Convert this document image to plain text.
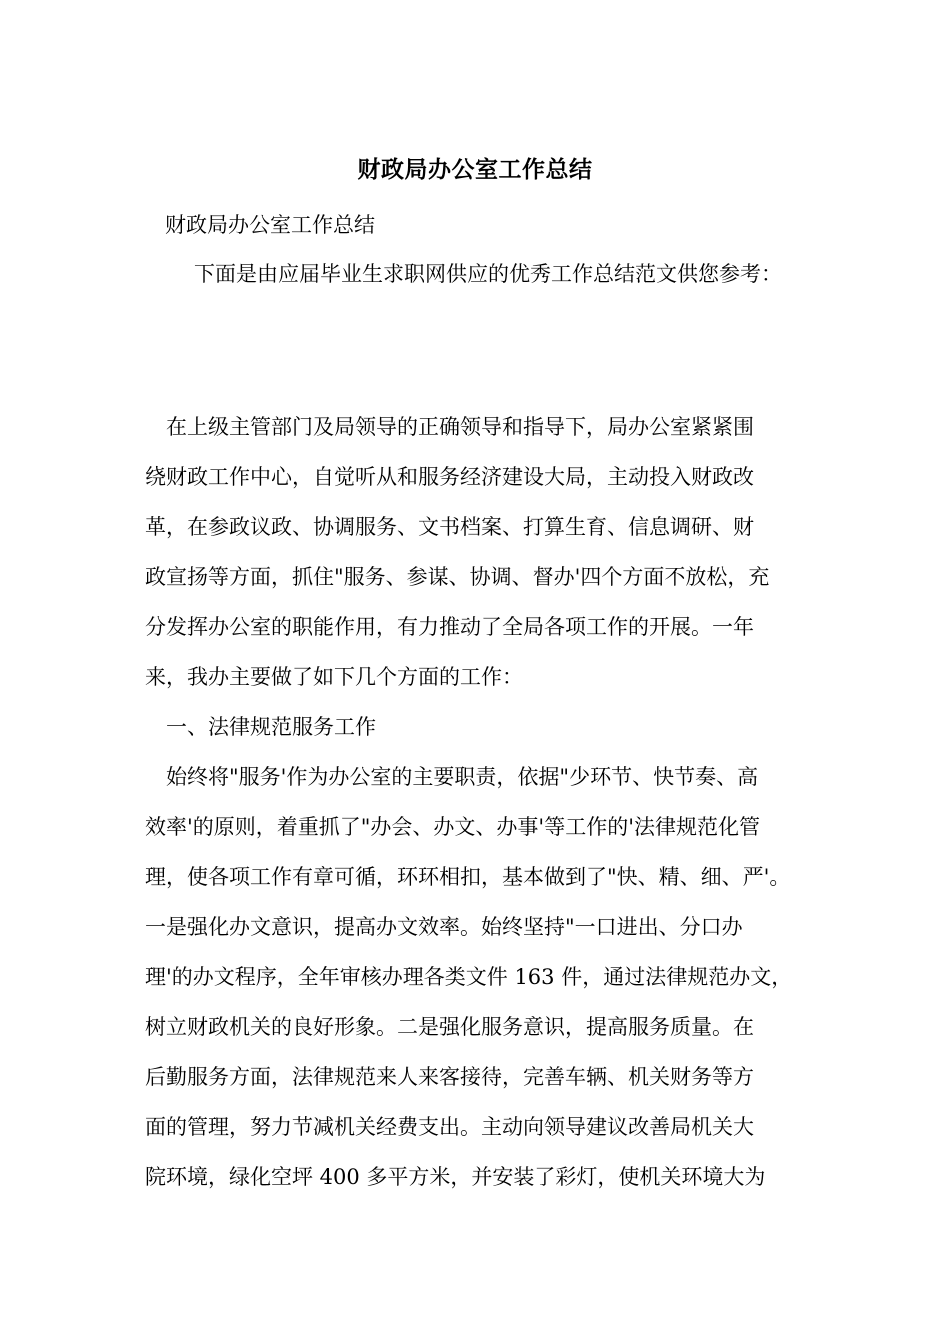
财政局办公室工作总结
财政局办公室工作总结
下面是由应届毕业生求职网供应的优秀工作总结范文供您参考：
　在上级主管部门及局领导的正确领导和指导下，局办公室紧紧围
绕财政工作中心，自觉听从和服务经济建设大局，主动投入财政改
革，在参政议政、协调服务、文书档案、打算生育、信息调研、财
政宣扬等方面，抓住"服务、参谋、协调、督办'四个方面不放松，充
分发挥办公室的职能作用，有力推动了全局各项工作的开展。一年
来，我办主要做了如下几个方面的工作：
　一、法律规范服务工作
　始终将"服务'作为办公室的主要职责，依据"少环节、快节奏、高
效率'的原则，着重抓了"办会、办文、办事'等工作的'法律规范化管
理，使各项工作有章可循，环环相扣，基本做到了"快、精、细、严'。
一是强化办文意识，提高办文效率。始终坚持"一口进出、分口办
理'的办文程序，全年审核办理各类文件 163 件，通过法律规范办文，
树立财政机关的良好形象。二是强化服务意识，提高服务质量。在
后勤服务方面，法律规范来人来客接待，完善车辆、机关财务等方
面的管理，努力节减机关经费支出。主动向领导建议改善局机关大
院环境，绿化空坪 400 多平方米，并安装了彩灯，使机关环境大为
